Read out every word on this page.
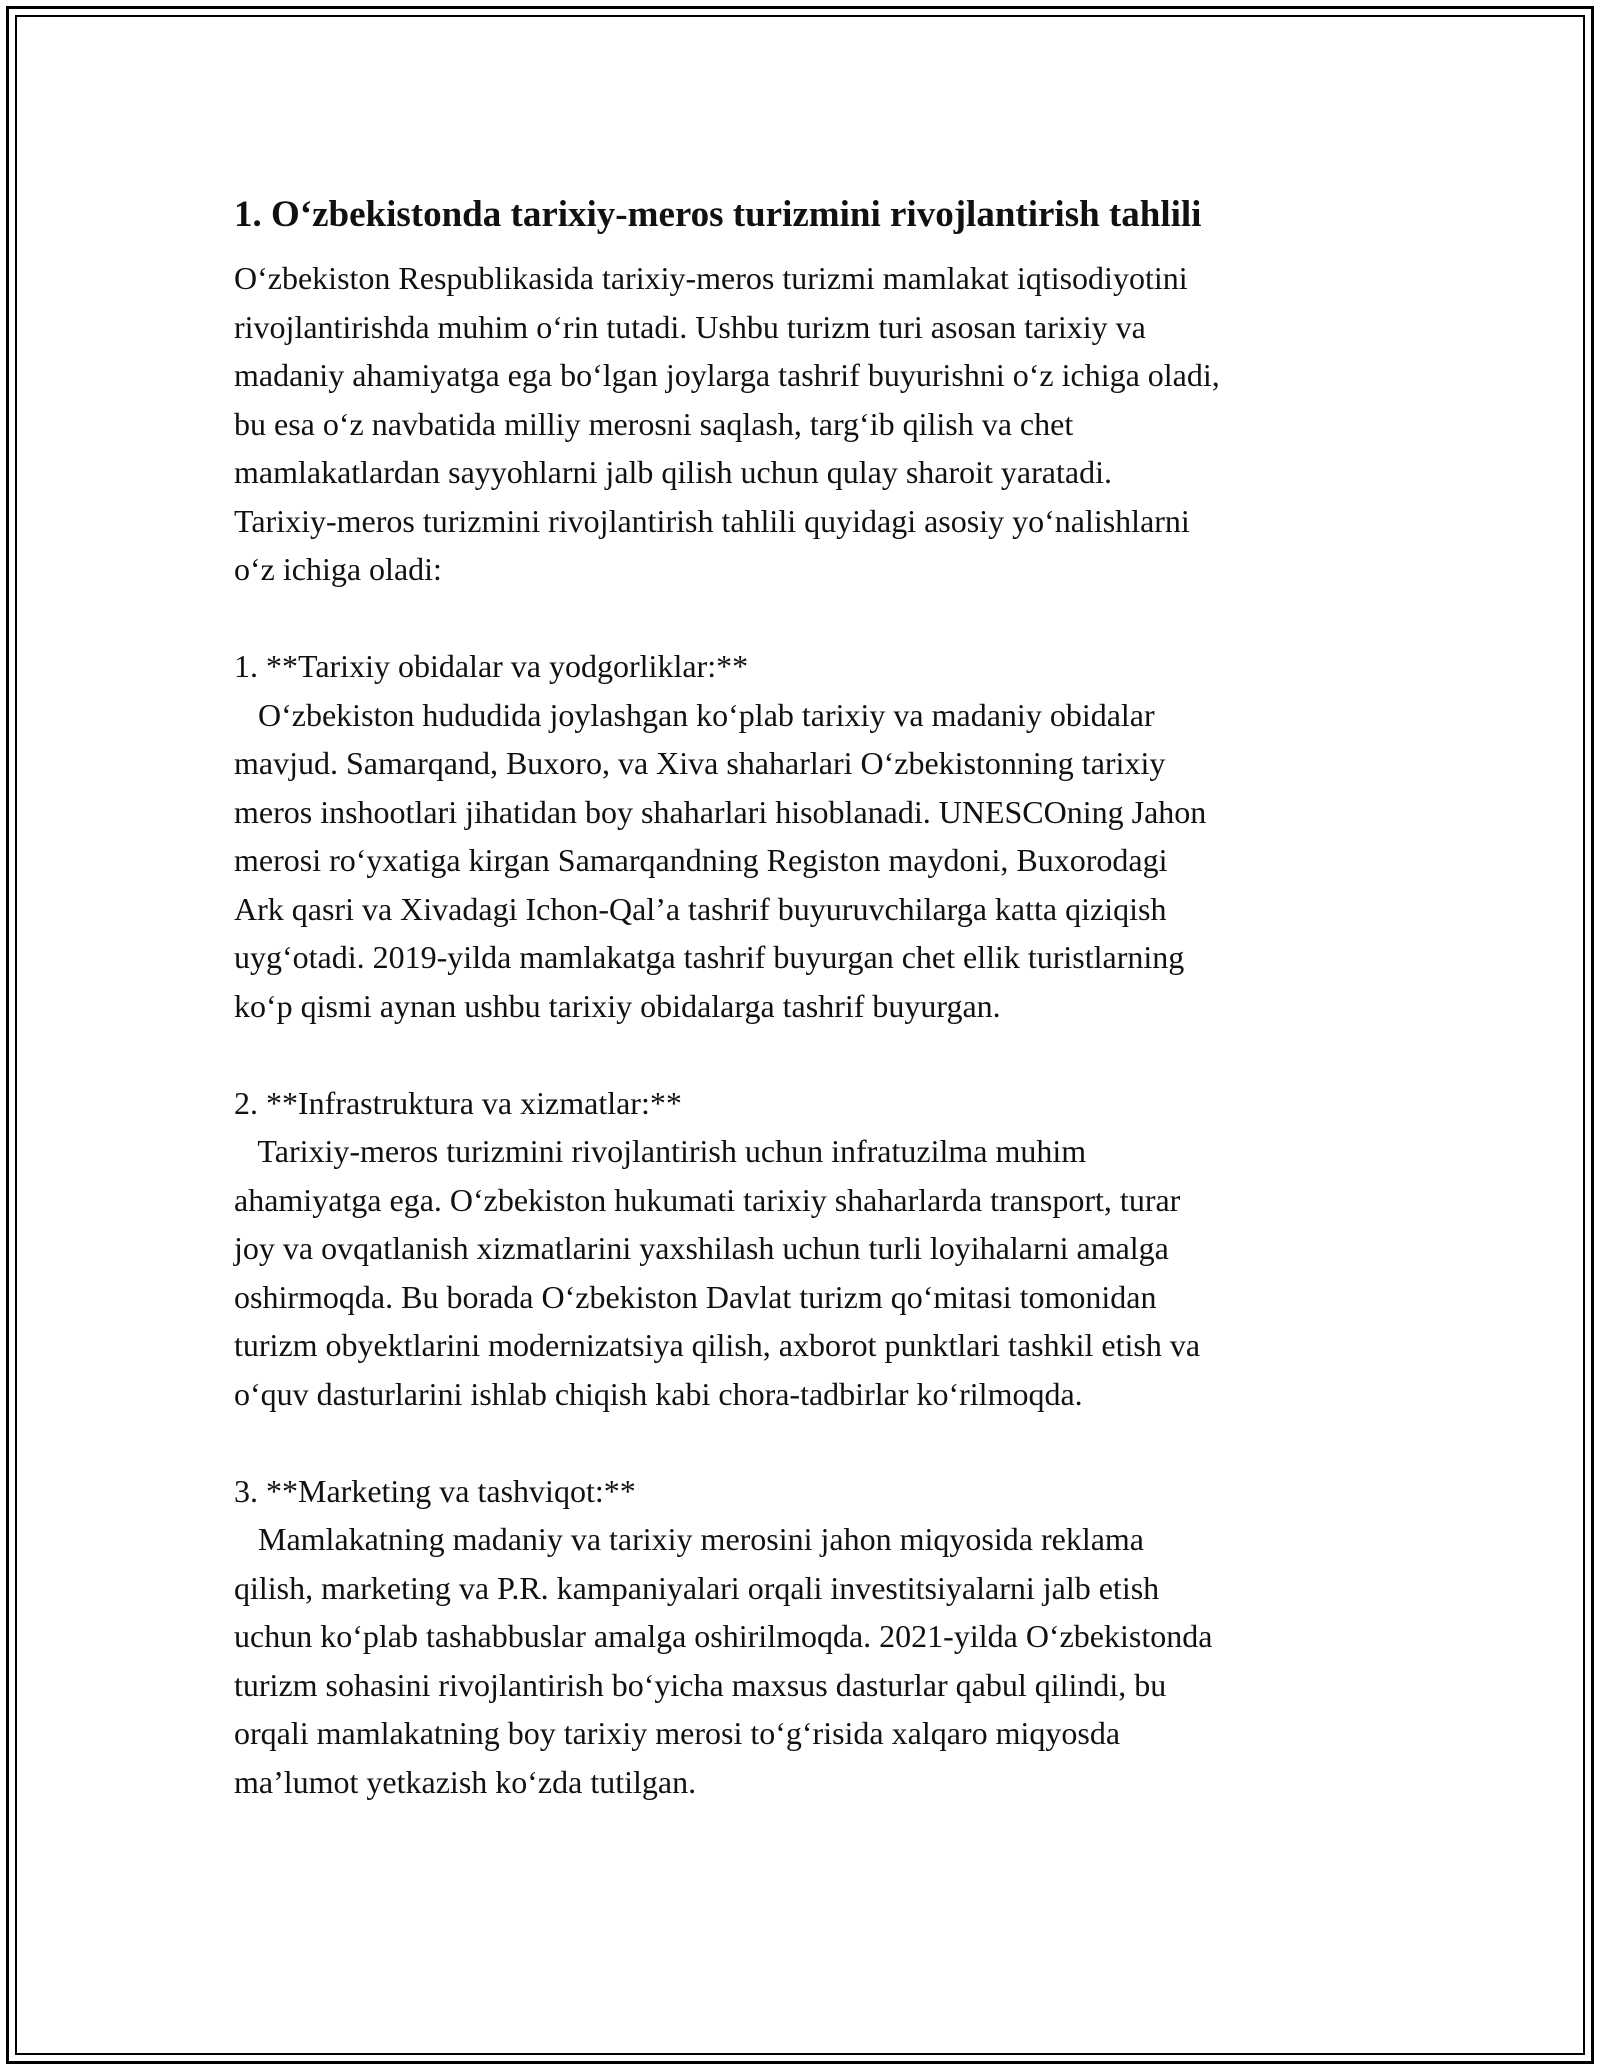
1. O‘zbekistonda tarixiy-meros turizmini rivojlantirish tahlili
O‘zbekiston Respublikasida tarixiy-meros turizmi mamlakat iqtisodiyotini
rivojlantirishda muhim o‘rin tutadi. Ushbu turizm turi asosan tarixiy va
madaniy ahamiyatga ega bo‘lgan joylarga tashrif buyurishni o‘z ichiga oladi,
bu esa o‘z navbatida milliy merosni saqlash, targ‘ib qilish va chet
mamlakatlardan sayyohlarni jalb qilish uchun qulay sharoit yaratadi.
Tarixiy-meros turizmini rivojlantirish tahlili quyidagi asosiy yo‘nalishlarni
o‘z ichiga oladi:
1. **Tarixiy obidalar va yodgorliklar:**
O‘zbekiston hududida joylashgan ko‘plab tarixiy va madaniy obidalar
mavjud. Samarqand, Buxoro, va Xiva shaharlari O‘zbekistonning tarixiy
meros inshootlari jihatidan boy shaharlari hisoblanadi. UNESCOning Jahon
merosi ro‘yxatiga kirgan Samarqandning Registon maydoni, Buxorodagi
Ark qasri va Xivadagi Ichon-Qal’a tashrif buyuruvchilarga katta qiziqish
uyg‘otadi. 2019-yilda mamlakatga tashrif buyurgan chet ellik turistlarning
ko‘p qismi aynan ushbu tarixiy obidalarga tashrif buyurgan.
2. **Infrastruktura va xizmatlar:**
Tarixiy-meros turizmini rivojlantirish uchun infratuzilma muhim
ahamiyatga ega. O‘zbekiston hukumati tarixiy shaharlarda transport, turar
joy va ovqatlanish xizmatlarini yaxshilash uchun turli loyihalarni amalga
oshirmoqda. Bu borada O‘zbekiston Davlat turizm qo‘mitasi tomonidan
turizm obyektlarini modernizatsiya qilish, axborot punktlari tashkil etish va
o‘quv dasturlarini ishlab chiqish kabi chora-tadbirlar ko‘rilmoqda.
3. **Marketing va tashviqot:**
Mamlakatning madaniy va tarixiy merosini jahon miqyosida reklama
qilish, marketing va P.R. kampaniyalari orqali investitsiyalarni jalb etish
uchun ko‘plab tashabbuslar amalga oshirilmoqda. 2021-yilda O‘zbekistonda
turizm sohasini rivojlantirish bo‘yicha maxsus dasturlar qabul qilindi, bu
orqali mamlakatning boy tarixiy merosi to‘g‘risida xalqaro miqyosda
ma’lumot yetkazish ko‘zda tutilgan.
